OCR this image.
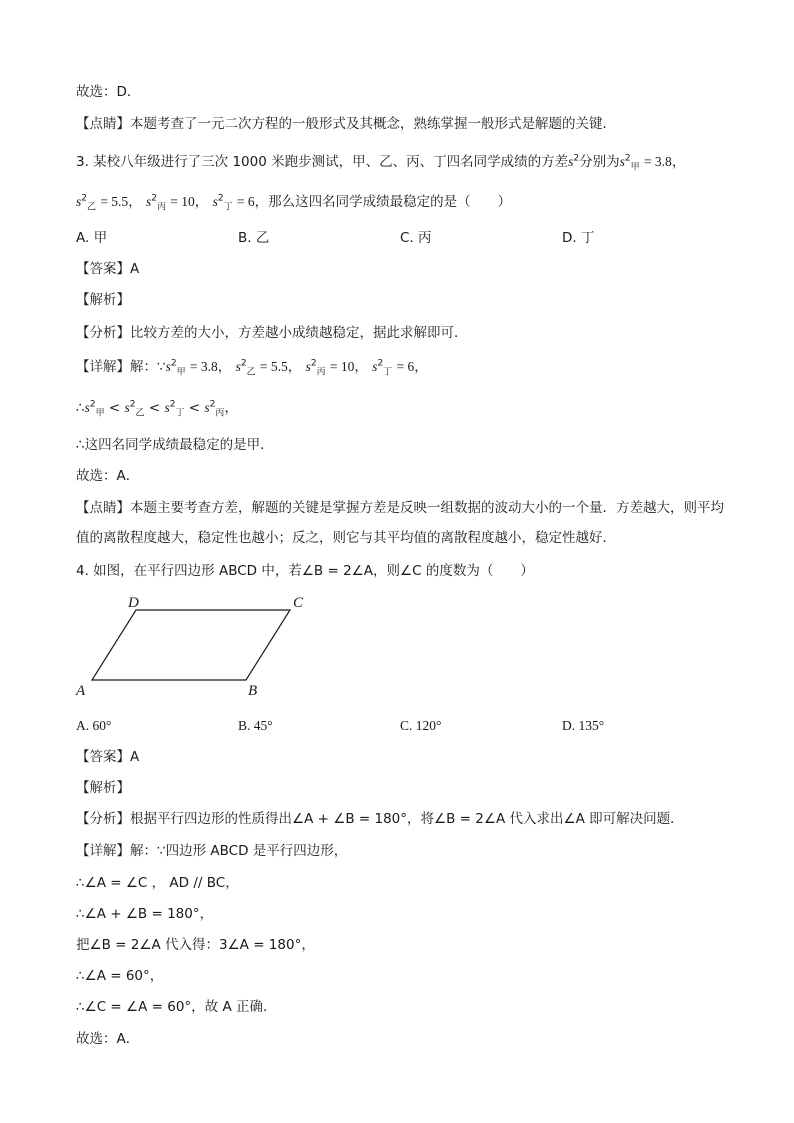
故选：D．
【点睛】本题考查了一元二次方程的一般形式及其概念，熟练掌握一般形式是解题的关键．
3. 某校八年级进行了三次 1000 米跑步测试，甲、乙、丙、丁四名同学成绩的方差$s^2$分别为$s^2_甲 = 3.8$，
$s^2_乙 = 5.5$， $s^2_丙 = 10$， $s^2_丁 = 6$，那么这四名同学成绩最稳定的是（　　）
A. 甲	B. 乙	C. 丙	D. 丁
【答案】A
【解析】
【分析】比较方差的大小，方差越小成绩越稳定，据此求解即可．
【详解】解：$\because s^2_甲 = 3.8$， $s^2_乙 = 5.5$， $s^2_丙 = 10$， $s^2_丁 = 6$，
$\therefore s^2_甲 < s^2_乙 < s^2_丁 < s^2_丙$，
∴这四名同学成绩最稳定的是甲．
故选：A．
【点睛】本题主要考查方差，解题的关键是掌握方差是反映一组数据的波动大小的一个量．方差越大，则平均值的离散程度越大，稳定性也越小；反之，则它与其平均值的离散程度越小，稳定性越好．
4. 如图，在平行四边形 ABCD 中，若∠B = 2∠A，则∠C 的度数为（　　）
D	C
A	B
A. 60°	B. 45°	C. 120°	D. 135°
【答案】A
【解析】
【分析】根据平行四边形的性质得出∠A + ∠B = 180°，将∠B = 2∠A 代入求出∠A 即可解决问题．
【详解】解：∵四边形 ABCD 是平行四边形，
∴∠A = ∠C ， AD // BC，
∴∠A + ∠B = 180°，
把∠B = 2∠A 代入得：3∠A = 180°，
∴∠A = 60°，
∴∠C = ∠A = 60°，故 A 正确．
故选：A．
